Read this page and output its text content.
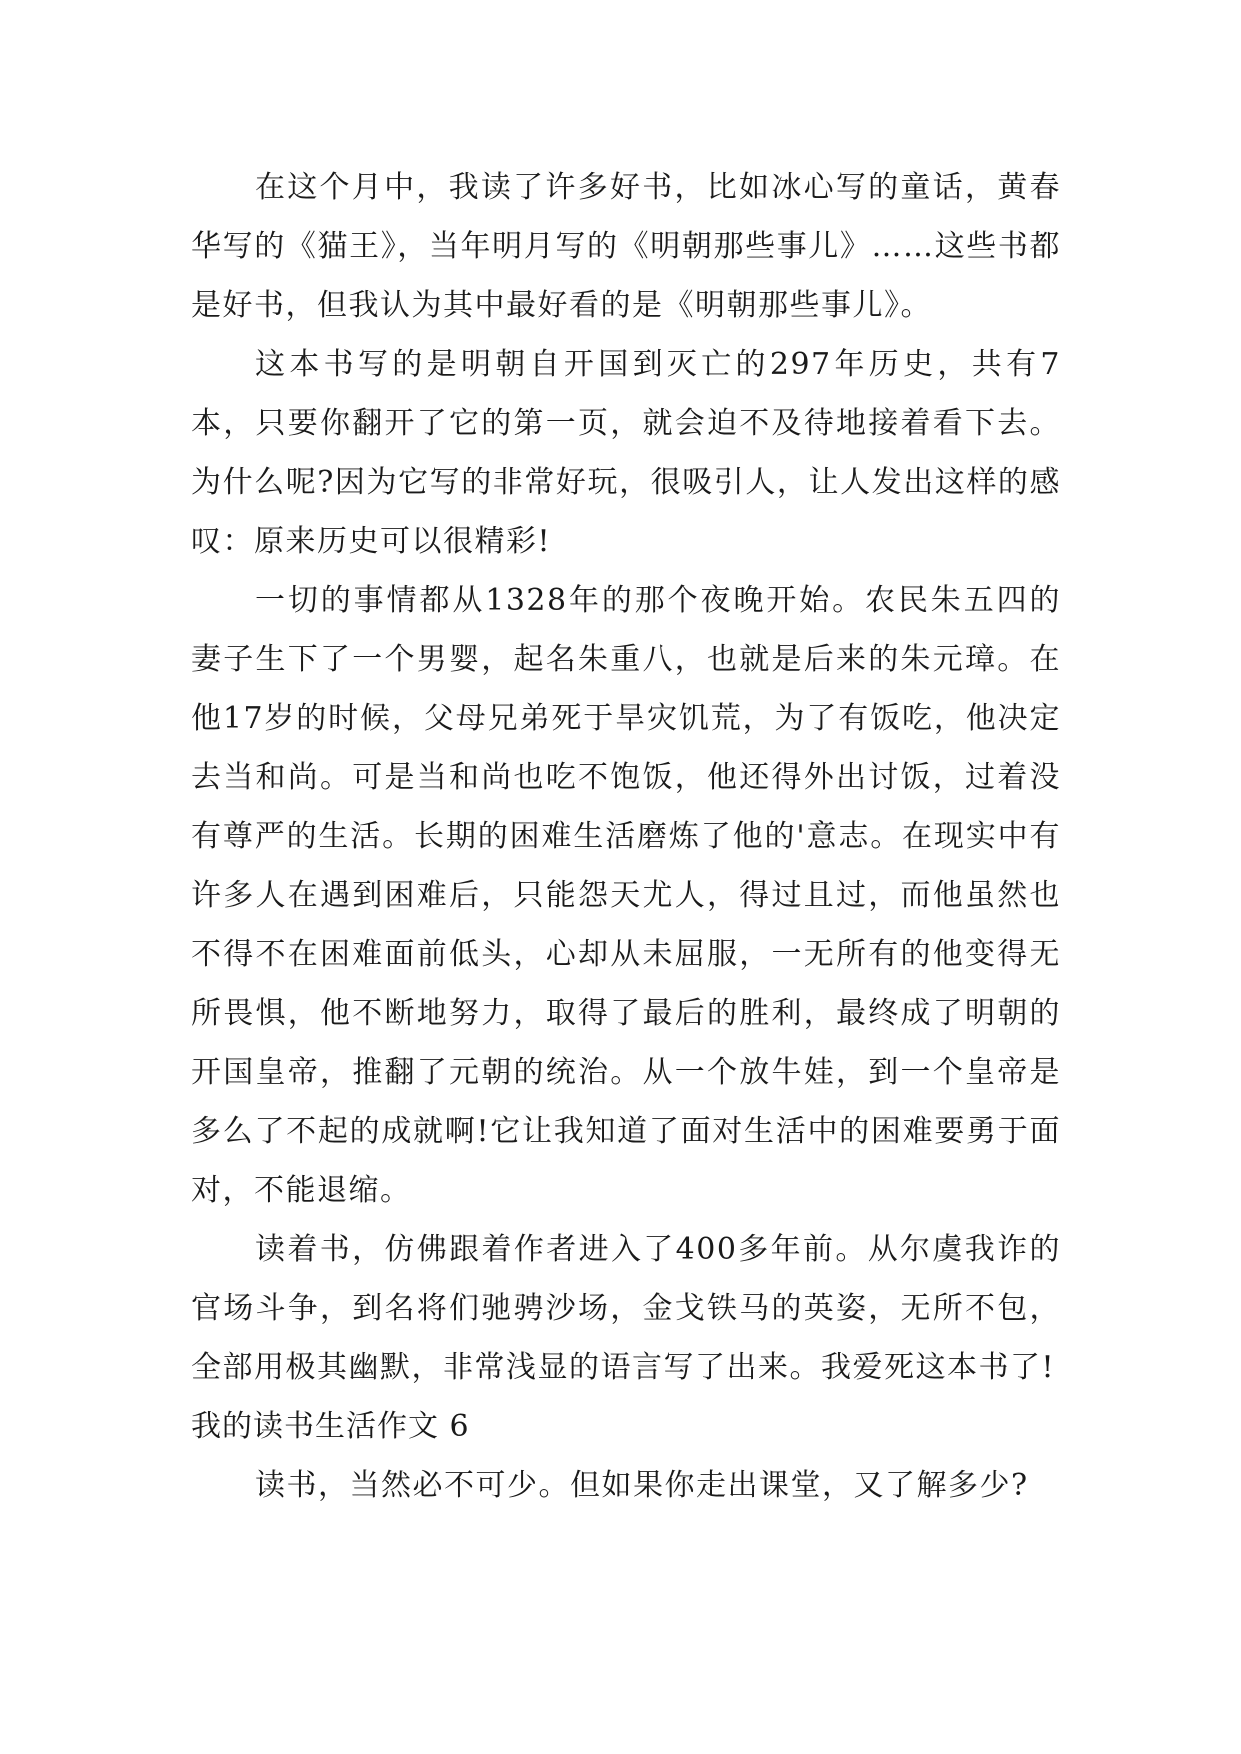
在这个月中，我读了许多好书，比如冰心写的童话，黄春华写的《猫王》，当年明月写的《明朝那些事儿》……这些书都是好书，但我认为其中最好看的是《明朝那些事儿》。

这本书写的是明朝自开国到灭亡的297年历史，共有7本，只要你翻开了它的第一页，就会迫不及待地接着看下去。为什么呢?因为它写的非常好玩，很吸引人，让人发出这样的感叹：原来历史可以很精彩!

一切的事情都从1328年的那个夜晚开始。农民朱五四的妻子生下了一个男婴，起名朱重八，也就是后来的朱元璋。在他17岁的时候，父母兄弟死于旱灾饥荒，为了有饭吃，他决定去当和尚。可是当和尚也吃不饱饭，他还得外出讨饭，过着没有尊严的生活。长期的困难生活磨炼了他的'意志。在现实中有许多人在遇到困难后，只能怨天尤人，得过且过，而他虽然也不得不在困难面前低头，心却从未屈服，一无所有的他变得无所畏惧，他不断地努力，取得了最后的胜利，最终成了明朝的开国皇帝，推翻了元朝的统治。从一个放牛娃，到一个皇帝是多么了不起的成就啊!它让我知道了面对生活中的困难要勇于面对，不能退缩。

读着书，仿佛跟着作者进入了400多年前。从尔虞我诈的官场斗争，到名将们驰骋沙场，金戈铁马的英姿，无所不包，全部用极其幽默，非常浅显的语言写了出来。我爱死这本书了!

我的读书生活作文 6

读书，当然必不可少。但如果你走出课堂，又了解多少?
